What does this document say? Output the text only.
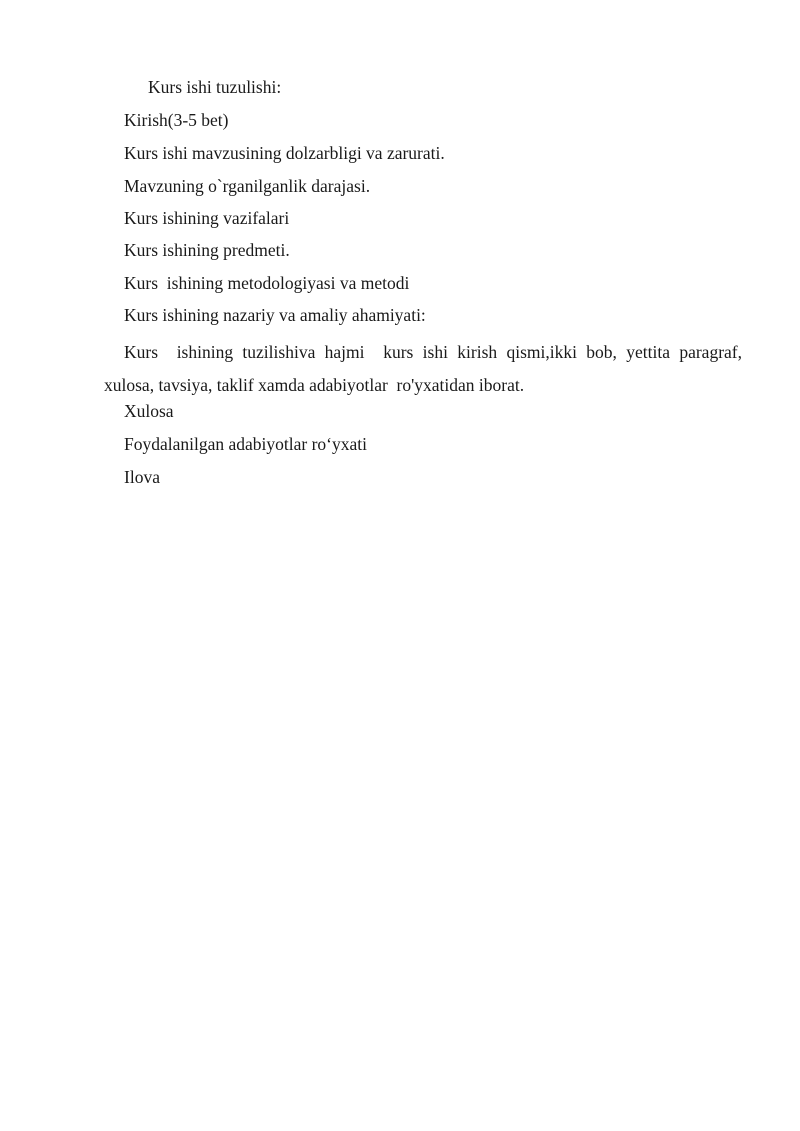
Kurs ishi tuzulishi:

Kirish(3-5 bet)

Kurs ishi mavzusining dolzarbligi va zarurati.

Mavzuning o`rganilganlik darajasi.

Kurs ishining vazifalari

Kurs ishining predmeti.

Kurs  ishining metodologiyasi va metodi

Kurs ishining nazariy va amaliy ahamiyati:

Kurs  ishining tuzilishiva hajmi  kurs ishi kirish qismi,ikki bob, yettita paragraf,
xulosa, tavsiya, taklif xamda adabiyotlar  ro'yxatidan iborat.

Xulosa

Foydalanilgan adabiyotlar ro‘yxati

Ilova
